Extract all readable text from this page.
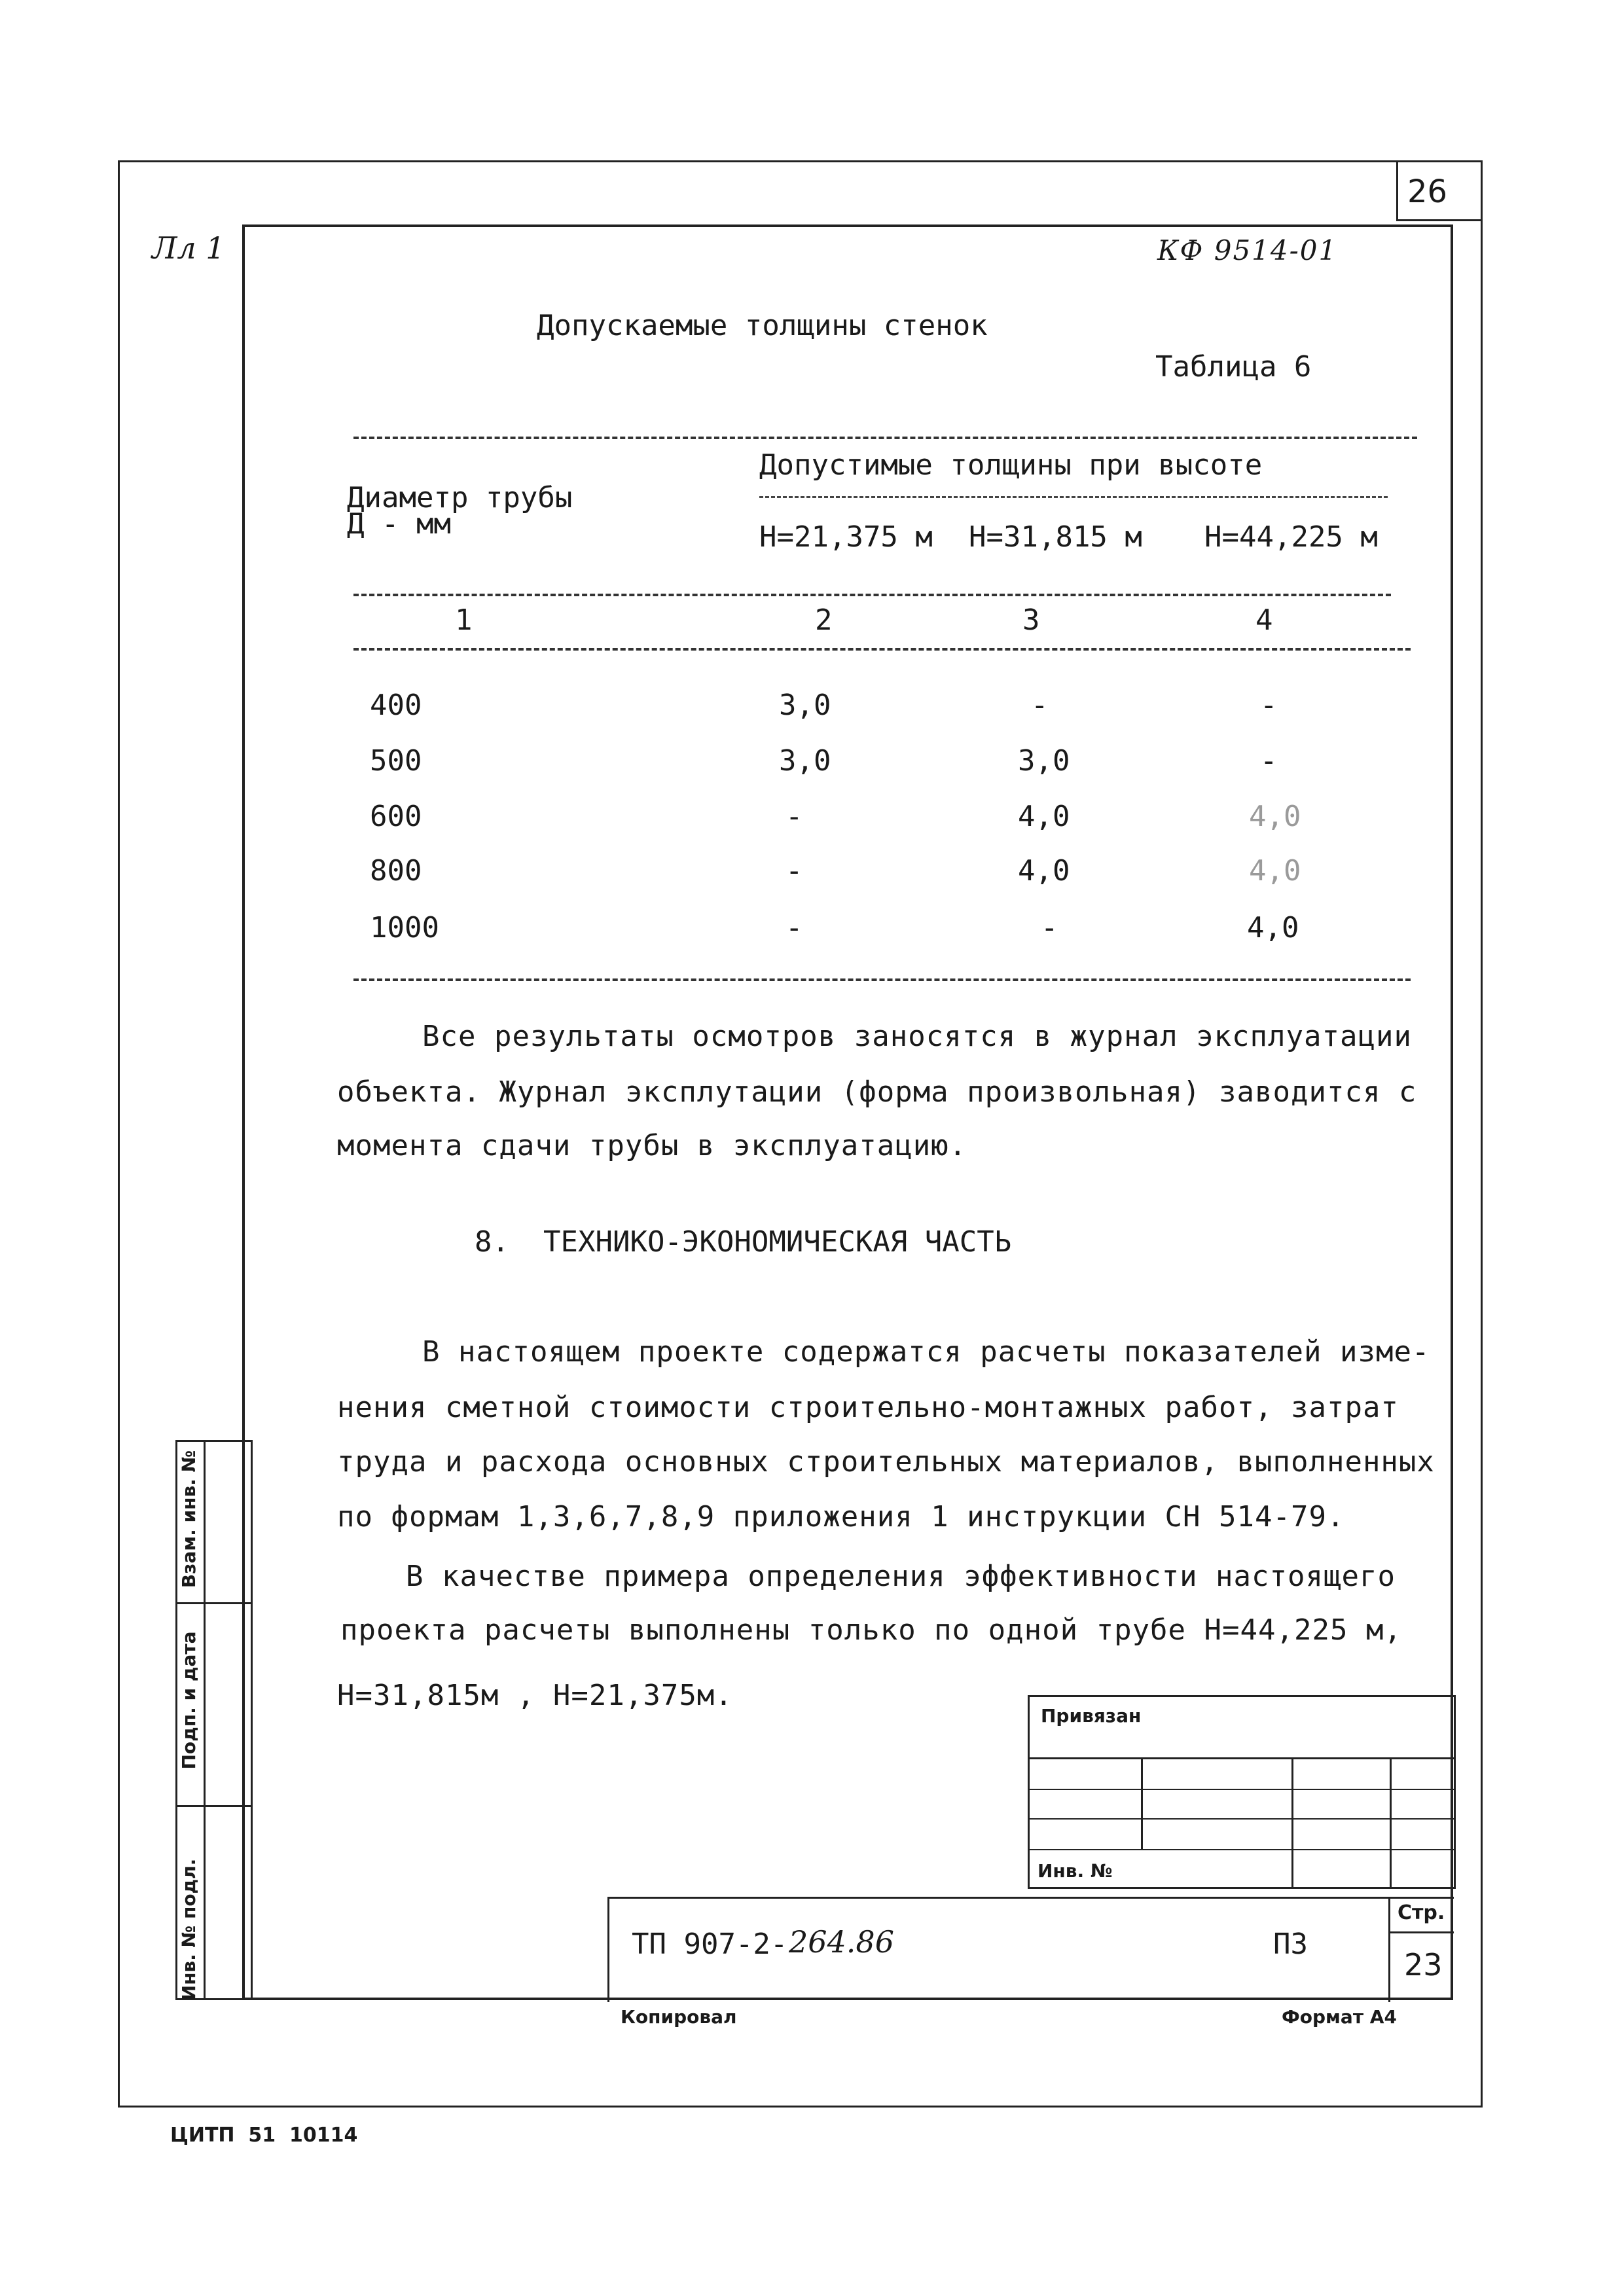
26
Лл 1	КФ 9514-01
Допускаемые толщины стенок
Таблица 6
Диаметр трубы
Д - мм
Допустимые толщины при высоте
Н=21,375 м Н=31,815 м Н=44,225 м
1	2	3	4
400	3,0	-	-
500	3,0	3,0	-
600	-	4,0	4,0
800	-	4,0	4,0
1000	-	-	4,0
Все результаты осмотров заносятся в журнал эксплуатации
объекта. Журнал эксплутации (форма произвольная) заводится с
момента сдачи трубы в эксплуатацию.
8. ТЕХНИКО-ЭКОНОМИЧЕСКАЯ ЧАСТЬ
В настоящем проекте содержатся расчеты показателей изме-
нения сметной стоимости строительно-монтажных работ, затрат
труда и расхода основных строительных материалов, выполненных
по формам 1,3,6,7,8,9 приложения 1 инструкции СН 514-79.
В качестве примера определения эффективности настоящего
проекта расчеты выполнены только по одной трубе Н=44,225 м,
Н=31,815м , Н=21,375м.
Взам. инв. №
Подп. и дата
Инв. № подл.
Привязан
Инв. №
ТП 907-2- 264.86	ПЗ
Стр.
23
Копировал	Формат А4
ЦИТП  51  10114
